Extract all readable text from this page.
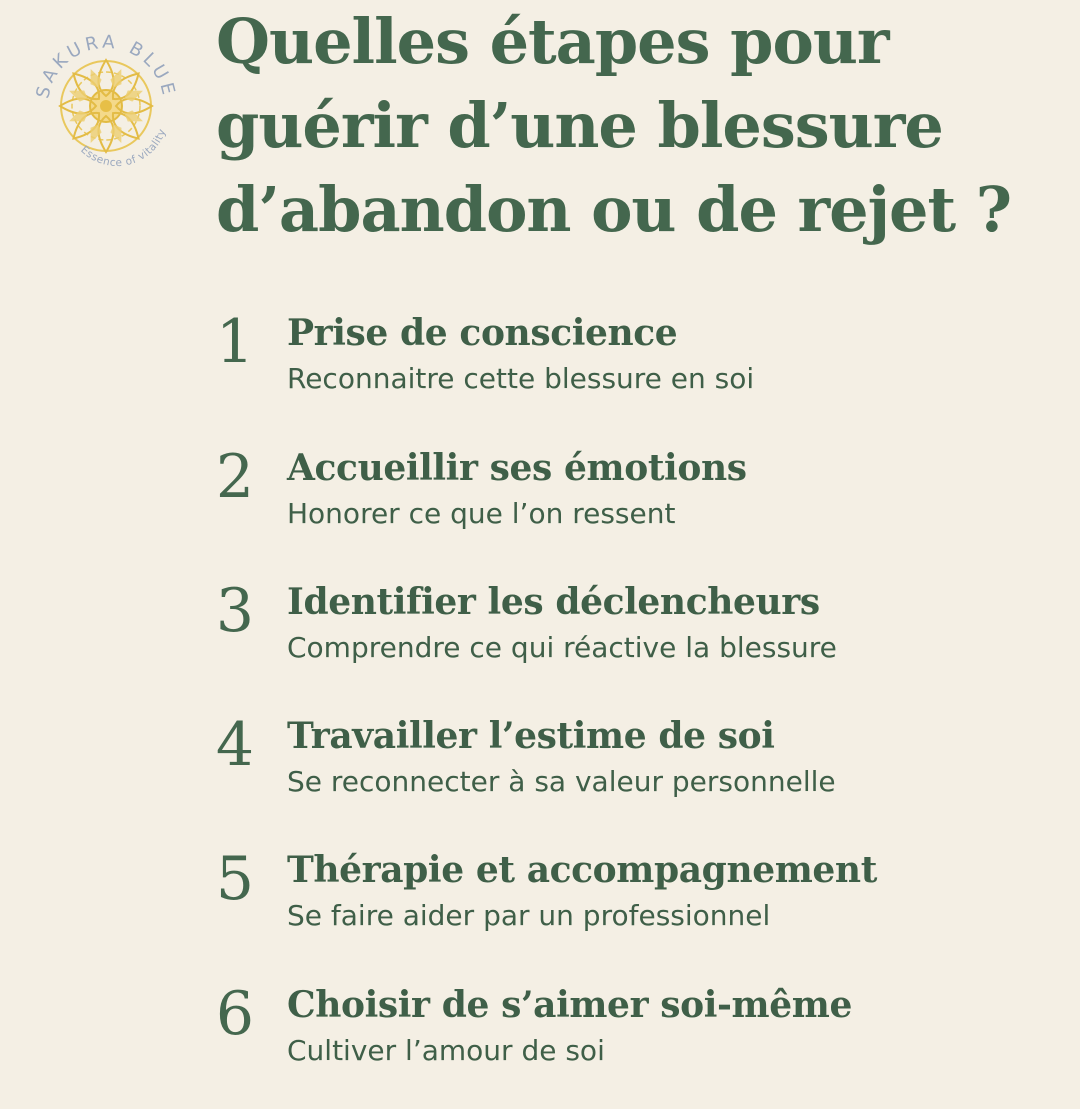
SAKURA BLUE
Essence of vitality
Quelles étapes pour
guérir d’une blessure
d’abandon ou de rejet ?
1 Prise de conscience
Reconnaitre cette blessure en soi
2 Accueillir ses émotions
Honorer ce que l’on ressent
3 Identifier les déclencheurs
Comprendre ce qui réactive la blessure
4 Travailler l’estime de soi
Se reconnecter à sa valeur personnelle
5 Thérapie et accompagnement
Se faire aider par un professionnel
6 Choisir de s’aimer soi-même
Cultiver l’amour de soi
